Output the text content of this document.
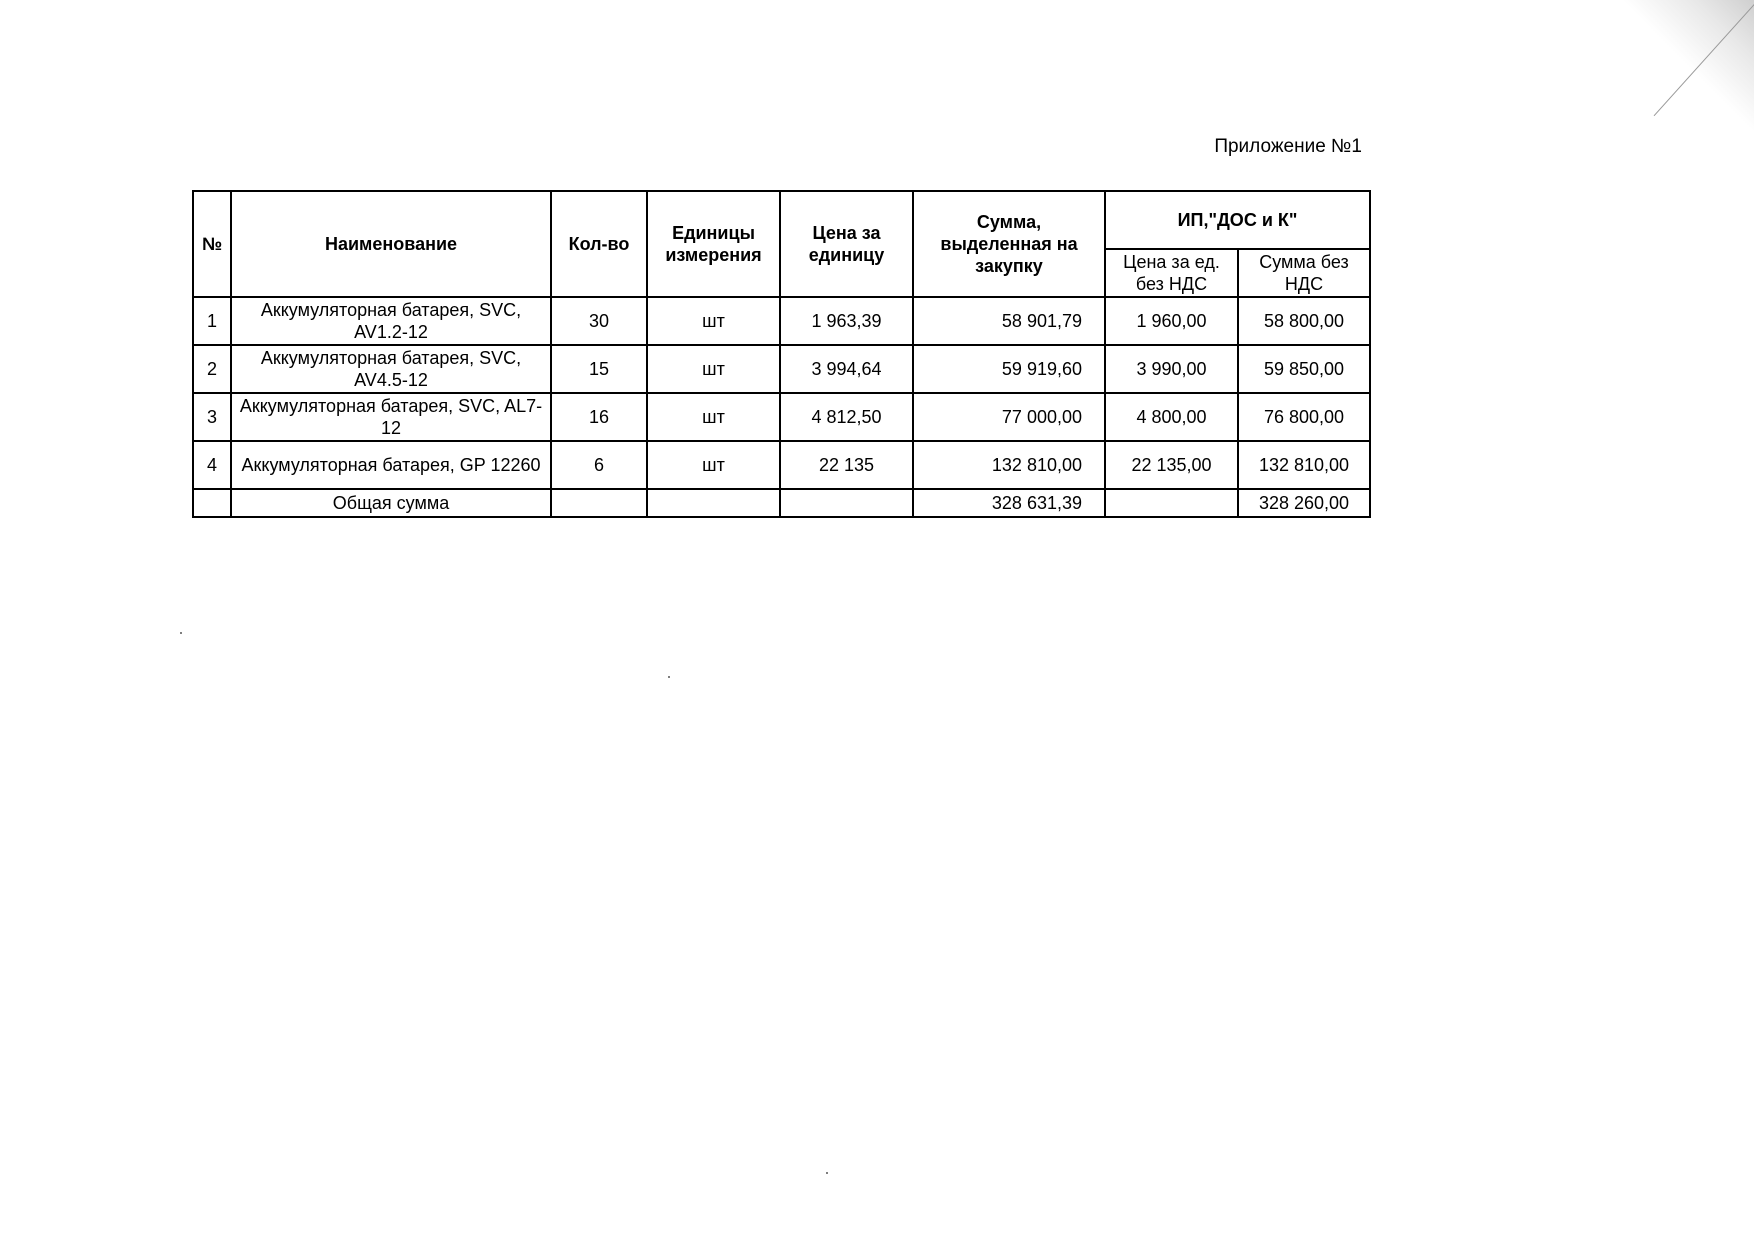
Приложение №1
№	Наименование	Кол-во	Единицы измерения	Цена за единицу	Сумма, выделенная на закупку	ИП,"ДОС и К"	
						Цена за ед. без НДС	Сумма без НДС
1	Аккумуляторная батарея, SVC, AV1.2-12	30	шт	1 963,39	58 901,79	1 960,00	58 800,00
2	Аккумуляторная батарея, SVC, AV4.5-12	15	шт	3 994,64	59 919,60	3 990,00	59 850,00
3	Аккумуляторная батарея, SVC, AL7-12	16	шт	4 812,50	77 000,00	4 800,00	76 800,00
4	Аккумуляторная батарея, GP 12260	6	шт	22 135	132 810,00	22 135,00	132 810,00
	Общая сумма				328 631,39		328 260,00
